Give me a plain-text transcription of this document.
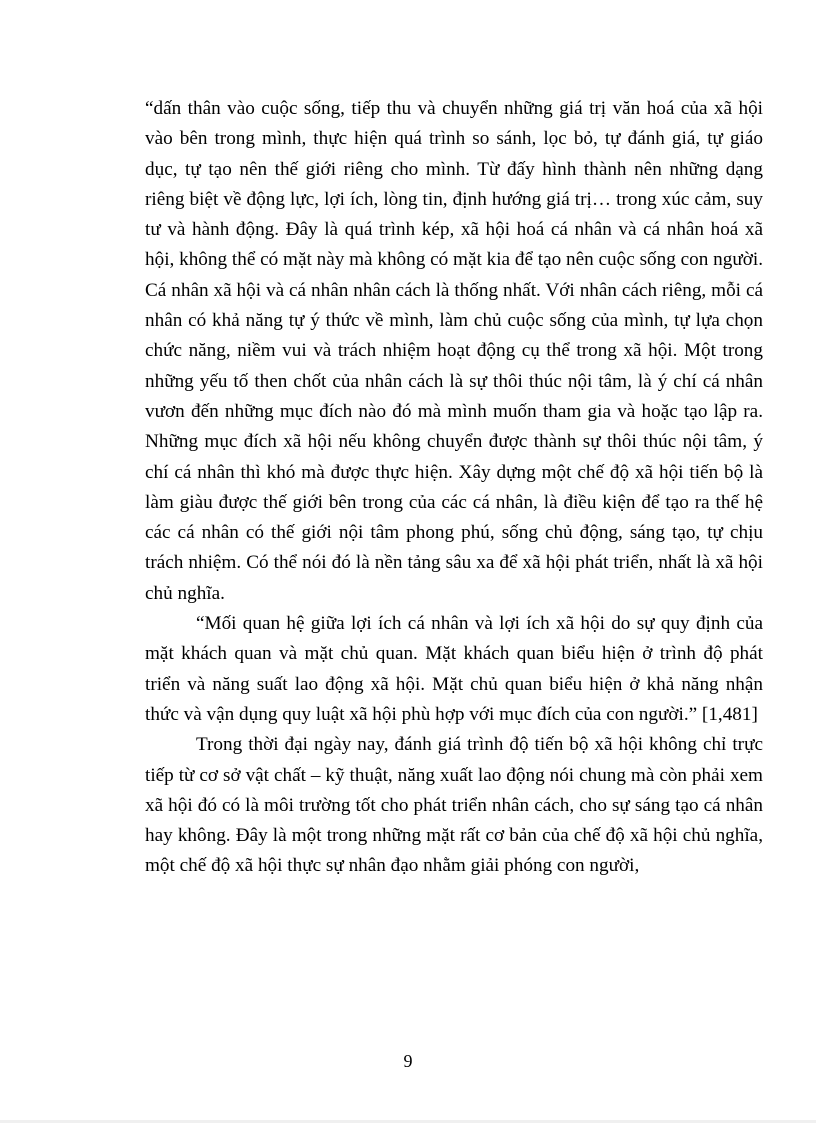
“dấn thân vào cuộc sống, tiếp thu và chuyển những giá trị văn hoá của xã hội vào bên trong mình, thực hiện quá trình so sánh, lọc bỏ, tự đánh giá, tự giáo dục, tự tạo nên thế giới riêng cho mình. Từ đấy hình thành nên những dạng riêng biệt về động lực, lợi ích, lòng tin, định hướng giá trị… trong xúc cảm, suy tư và hành động. Đây là quá trình kép, xã hội hoá cá nhân và cá nhân hoá xã hội, không thể có mặt này mà không có mặt kia để tạo nên cuộc sống con người. Cá nhân xã hội và cá nhân nhân cách là thống nhất. Với nhân cách riêng, mỗi cá nhân có khả năng tự ý thức về mình, làm chủ cuộc sống của mình, tự lựa chọn chức năng, niềm vui và trách nhiệm hoạt động cụ thể trong xã hội. Một trong những yếu tố then chốt của nhân cách là sự thôi thúc nội tâm, là ý chí cá nhân vươn đến những mục đích nào đó mà mình muốn tham gia và hoặc tạo lập ra. Những mục đích xã hội nếu không chuyển được thành sự thôi thúc nội tâm, ý chí cá nhân thì khó mà được thực hiện. Xây dựng một chế độ xã hội tiến bộ là làm giàu được thế giới bên trong của các cá nhân, là điều kiện để tạo ra thế hệ các cá nhân có thế giới nội tâm phong phú, sống chủ động, sáng tạo, tự chịu trách nhiệm. Có thể nói đó là nền tảng sâu xa để xã hội phát triển, nhất là xã hội chủ nghĩa.

“Mối quan hệ giữa lợi ích cá nhân và lợi ích xã hội do sự quy định của mặt khách quan và mặt chủ quan. Mặt khách quan biểu hiện ở trình độ phát triển và năng suất lao động xã hội. Mặt chủ quan biểu hiện ở khả năng nhận thức và vận dụng quy luật xã hội phù hợp với mục đích của con người.” [1,481]

Trong thời đại ngày nay, đánh giá trình độ tiến bộ xã hội không chỉ trực tiếp từ cơ sở vật chất – kỹ thuật, năng xuất lao động nói chung mà còn phải xem xã hội đó có là môi trường tốt cho phát triển nhân cách, cho sự sáng tạo cá nhân hay không. Đây là một trong những mặt rất cơ bản của chế độ xã hội chủ nghĩa, một chế độ xã hội thực sự nhân đạo nhằm giải phóng con người,

9
